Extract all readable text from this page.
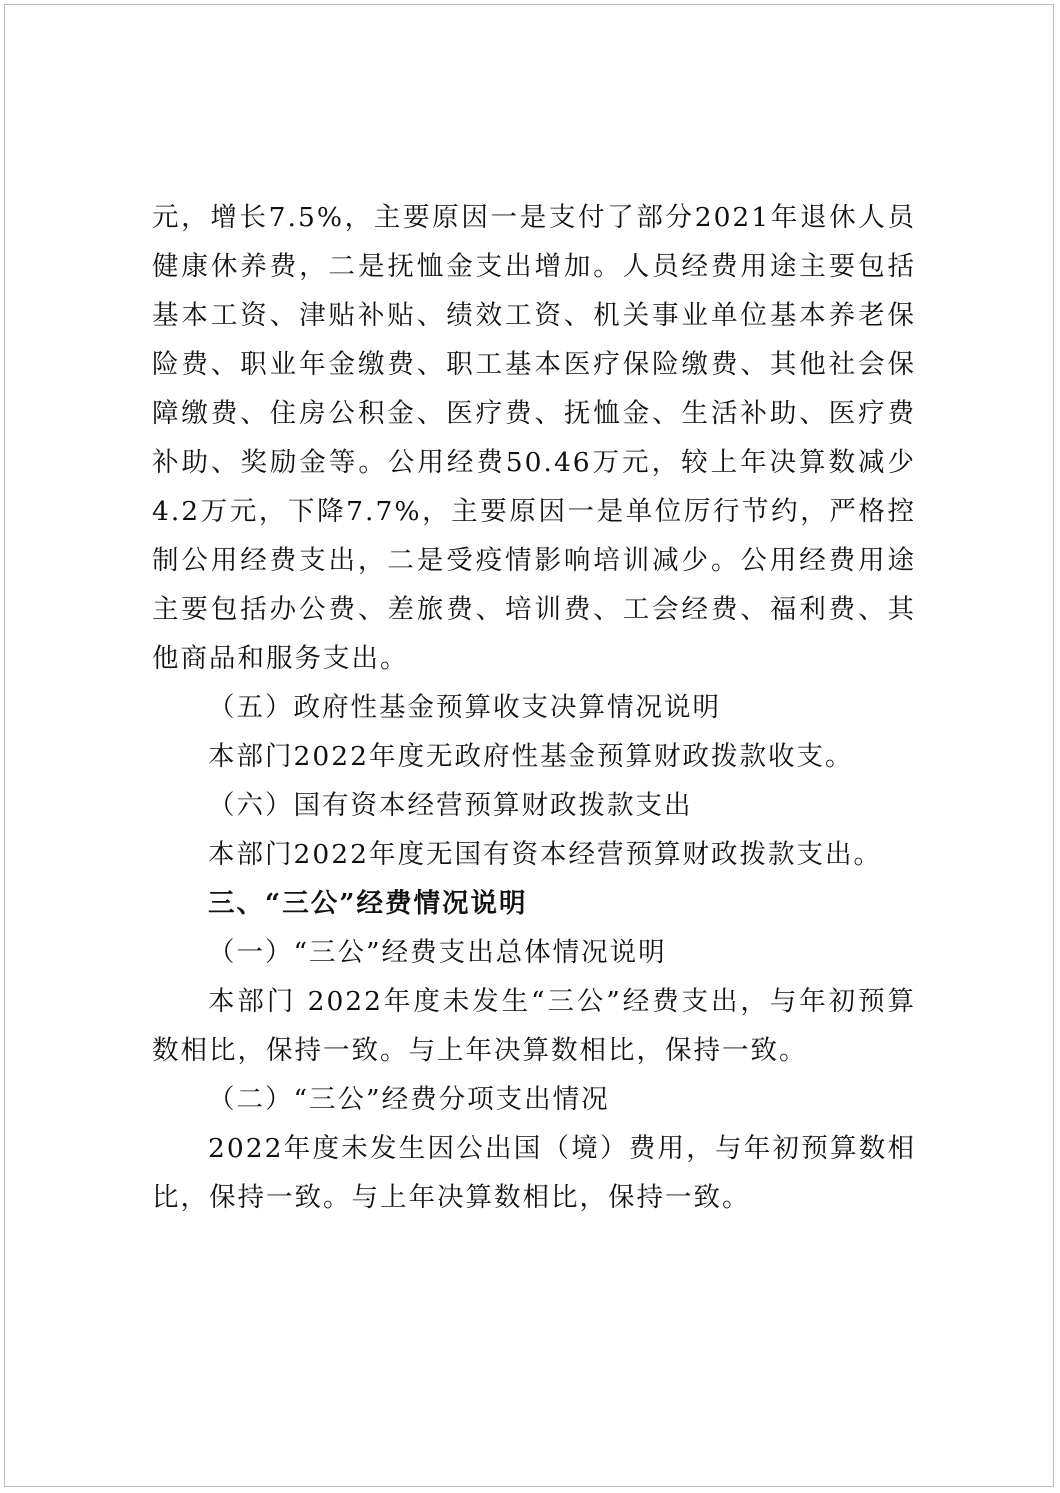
元，增长7.5%，主要原因一是支付了部分2021年退休人员健康休养费，二是抚恤金支出增加。人员经费用途主要包括基本工资、津贴补贴、绩效工资、机关事业单位基本养老保险费、职业年金缴费、职工基本医疗保险缴费、其他社会保障缴费、住房公积金、医疗费、抚恤金、生活补助、医疗费补助、奖励金等。公用经费50.46万元，较上年决算数减少4.2万元，下降7.7%，主要原因一是单位厉行节约，严格控制公用经费支出，二是受疫情影响培训减少。公用经费用途主要包括办公费、差旅费、培训费、工会经费、福利费、其他商品和服务支出。

（五）政府性基金预算收支决算情况说明

本部门2022年度无政府性基金预算财政拨款收支。

（六）国有资本经营预算财政拨款支出

本部门2022年度无国有资本经营预算财政拨款支出。

三、“三公”经费情况说明

（一）“三公”经费支出总体情况说明

本部门 2022年度未发生“三公”经费支出，与年初预算数相比，保持一致。与上年决算数相比，保持一致。

（二）“三公”经费分项支出情况

2022年度未发生因公出国（境）费用，与年初预算数相比，保持一致。与上年决算数相比，保持一致。
